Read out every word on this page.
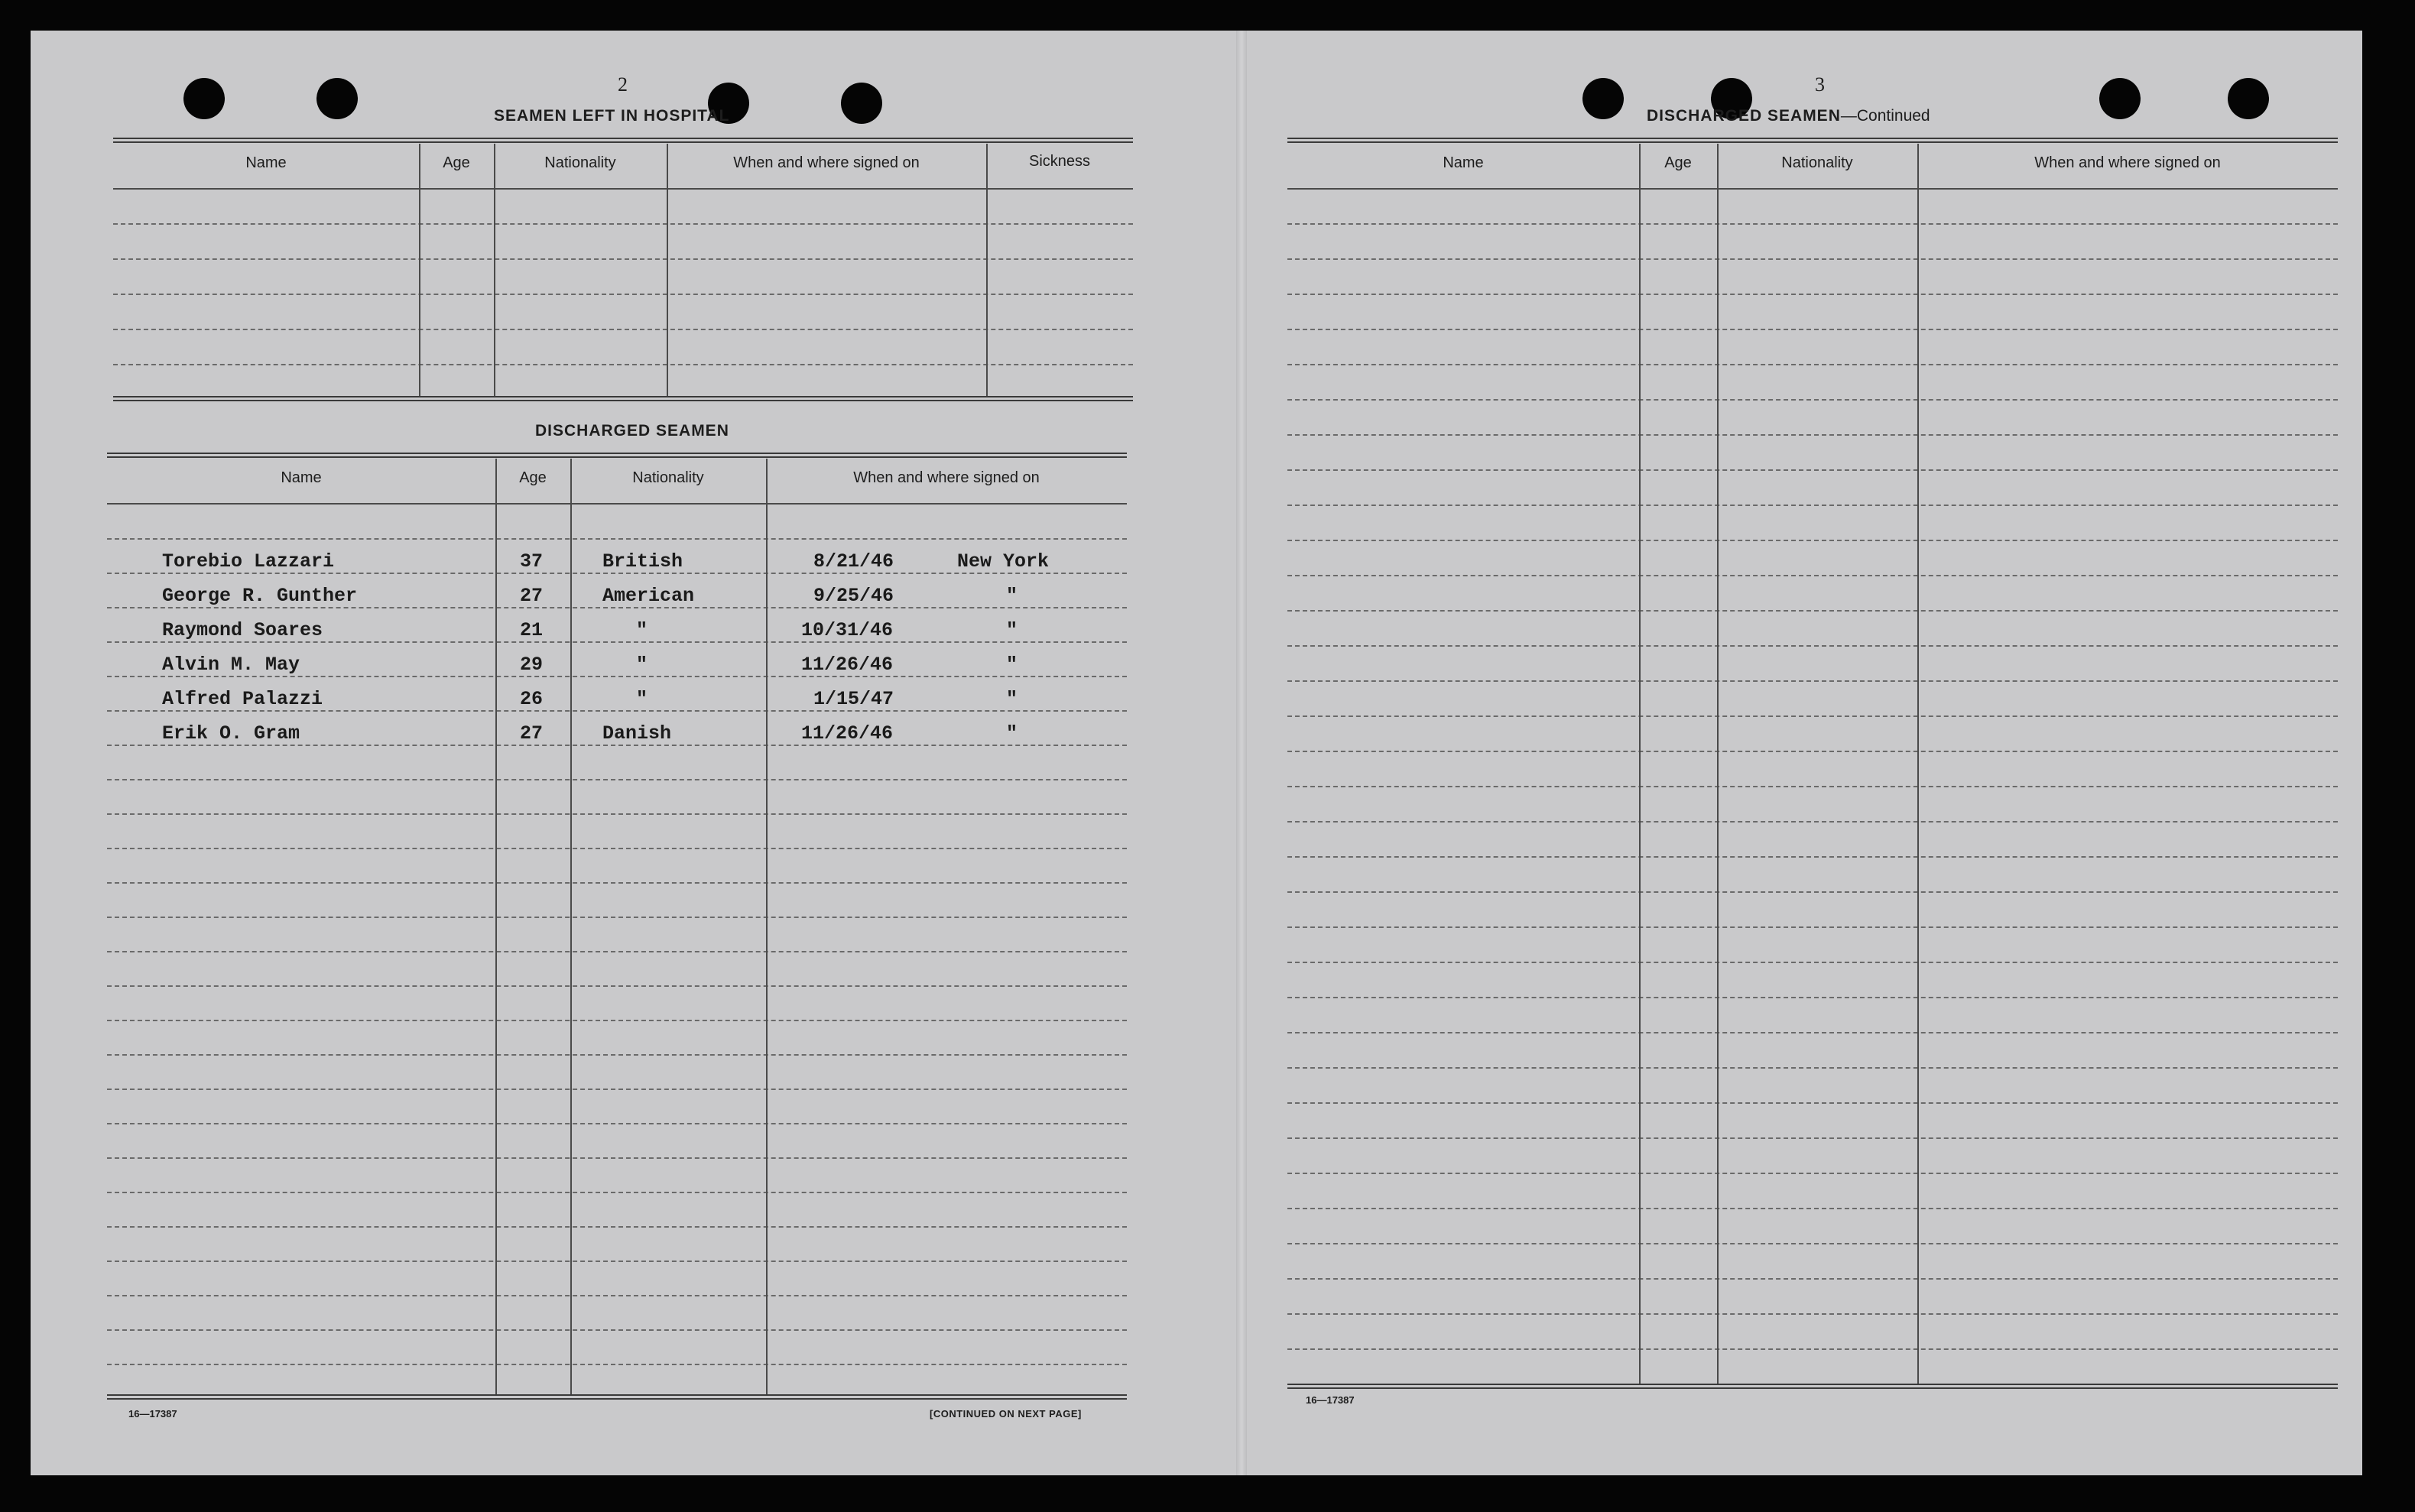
2
SEAMEN LEFT IN HOSPITAL
Name	Age	Nationality	When and where signed on	Sickness
DISCHARGED SEAMEN
Name	Age	Nationality	When and where signed on
Torebio Lazzari	37	British	8/21/46	New York
George R. Gunther	27	American	9/25/46	"
Raymond Soares	21	"	10/31/46	"
Alvin M. May	29	"	11/26/46	"
Alfred Palazzi	26	"	1/15/47	"
Erik O. Gram	27	Danish	11/26/46	"
16—17387	[CONTINUED ON NEXT PAGE]
3
DISCHARGED SEAMEN—Continued
Name	Age	Nationality	When and where signed on
16—17387
